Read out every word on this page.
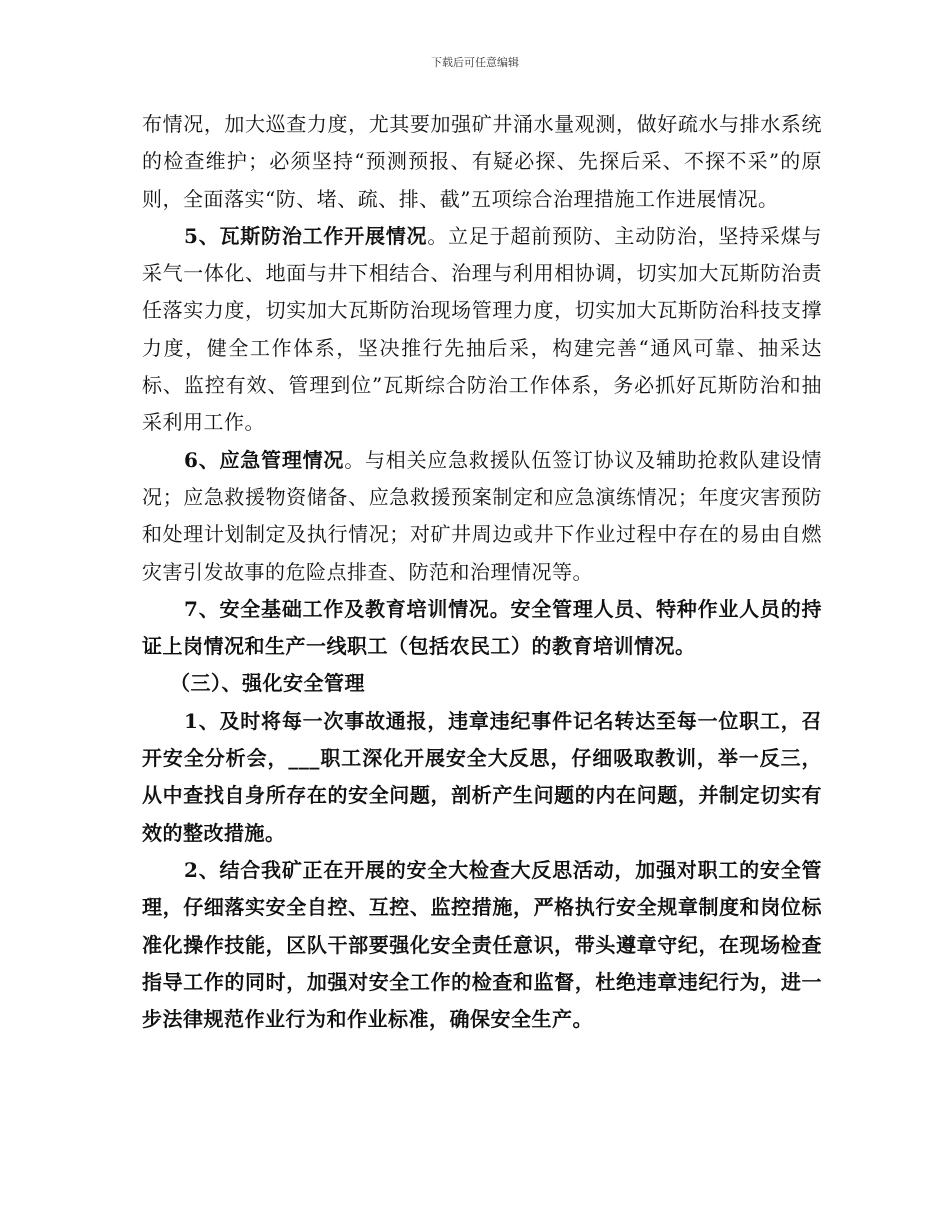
下载后可任意编辑

布情况，加大巡查力度，尤其要加强矿井涌水量观测，做好疏水与排水系统的检查维护；必须坚持“预测预报、有疑必探、先探后采、不探不采”的原则，全面落实“防、堵、疏、排、截”五项综合治理措施工作进展情况。

5、瓦斯防治工作开展情况。立足于超前预防、主动防治，坚持采煤与采气一体化、地面与井下相结合、治理与利用相协调，切实加大瓦斯防治责任落实力度，切实加大瓦斯防治现场管理力度，切实加大瓦斯防治科技支撑力度，健全工作体系，坚决推行先抽后采，构建完善“通风可靠、抽采达标、监控有效、管理到位”瓦斯综合防治工作体系，务必抓好瓦斯防治和抽采利用工作。

6、应急管理情况。与相关应急救援队伍签订协议及辅助抢救队建设情况；应急救援物资储备、应急救援预案制定和应急演练情况；年度灾害预防和处理计划制定及执行情况；对矿井周边或井下作业过程中存在的易由自燃灾害引发故事的危险点排查、防范和治理情况等。

7、安全基础工作及教育培训情况。安全管理人员、特种作业人员的持证上岗情况和生产一线职工（包括农民工）的教育培训情况。

（三）、强化安全管理

1、及时将每一次事故通报，违章违纪事件记名转达至每一位职工，召开安全分析会，___职工深化开展安全大反思，仔细吸取教训，举一反三，从中查找自身所存在的安全问题，剖析产生问题的内在问题，并制定切实有效的整改措施。

2、结合我矿正在开展的安全大检查大反思活动，加强对职工的安全管理，仔细落实安全自控、互控、监控措施，严格执行安全规章制度和岗位标准化操作技能，区队干部要强化安全责任意识，带头遵章守纪，在现场检查指导工作的同时，加强对安全工作的检查和监督，杜绝违章违纪行为，进一步法律规范作业行为和作业标准，确保安全生产。
